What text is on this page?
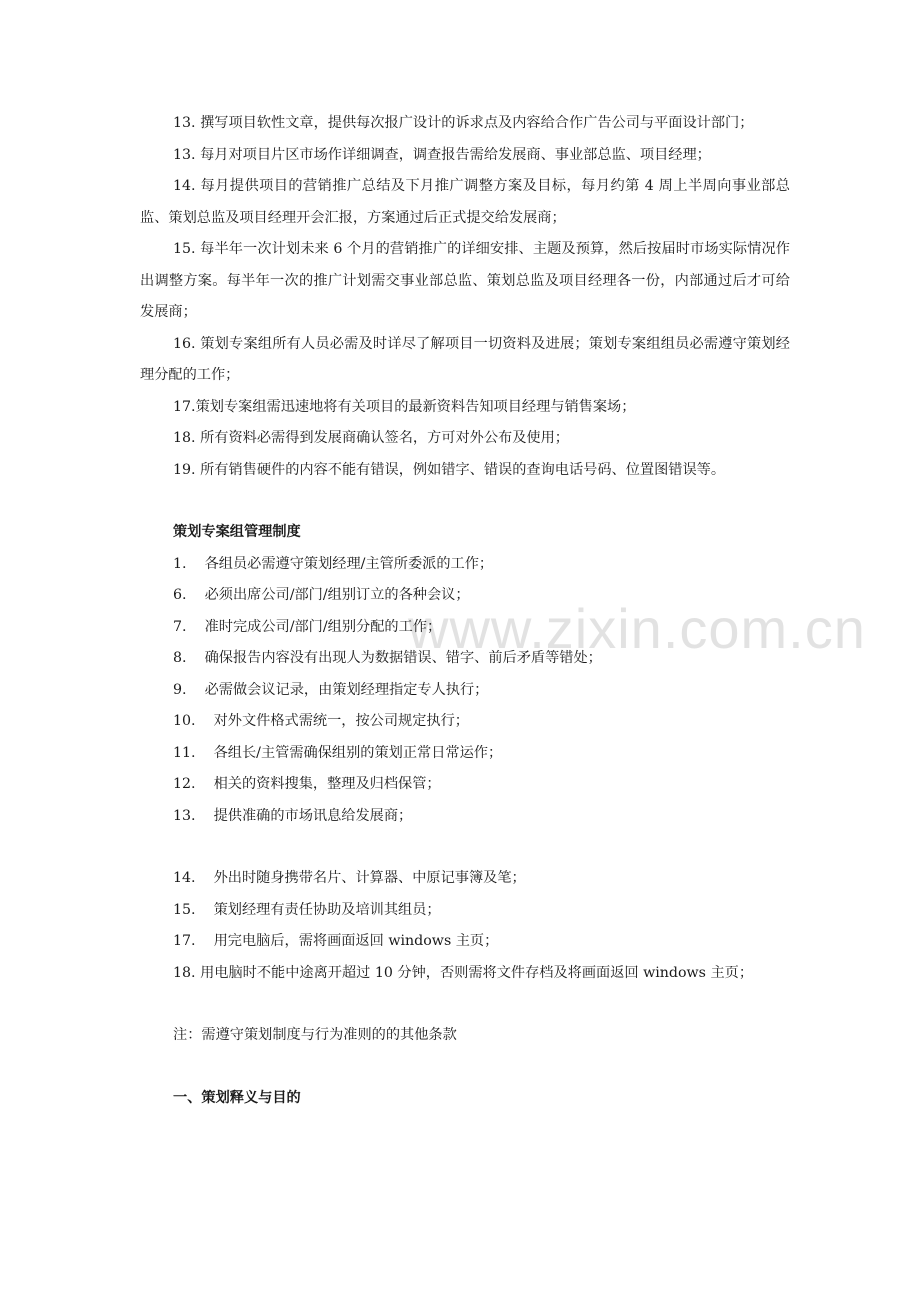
www.zixin.com.cn

13. 撰写项目软性文章，提供每次报广设计的诉求点及内容给合作广告公司与平面设计部门；

13. 每月对项目片区市场作详细调查，调查报告需给发展商、事业部总监、项目经理；

14. 每月提供项目的营销推广总结及下月推广调整方案及目标，每月约第 4 周上半周向事业部总监、策划总监及项目经理开会汇报，方案通过后正式提交给发展商；

15. 每半年一次计划未来 6 个月的营销推广的详细安排、主题及预算，然后按届时市场实际情况作出调整方案。每半年一次的推广计划需交事业部总监、策划总监及项目经理各一份，内部通过后才可给发展商；

16. 策划专案组所有人员必需及时详尽了解项目一切资料及进展；策划专案组组员必需遵守策划经理分配的工作；

17.策划专案组需迅速地将有关项目的最新资料告知项目经理与销售案场；

18. 所有资料必需得到发展商确认签名，方可对外公布及使用；

19. 所有销售硬件的内容不能有错误，例如错字、错误的查询电话号码、位置图错误等。

策划专案组管理制度

1.    各组员必需遵守策划经理/主管所委派的工作；

6.    必须出席公司/部门/组别订立的各种会议；

7.    准时完成公司/部门/组别分配的工作；

8.    确保报告内容没有出现人为数据错误、错字、前后矛盾等错处；

9.    必需做会议记录，由策划经理指定专人执行；

10.    对外文件格式需统一，按公司规定执行；

11.    各组长/主管需确保组别的策划正常日常运作；

12.    相关的资料搜集，整理及归档保管；

13.    提供准确的市场讯息给发展商；

14.    外出时随身携带名片、计算器、中原记事簿及笔；

15.    策划经理有责任协助及培训其组员；

17.    用完电脑后，需将画面返回 windows 主页；

18. 用电脑时不能中途离开超过 10 分钟，否则需将文件存档及将画面返回 windows 主页；

注：需遵守策划制度与行为准则的的其他条款

一、策划释义与目的
